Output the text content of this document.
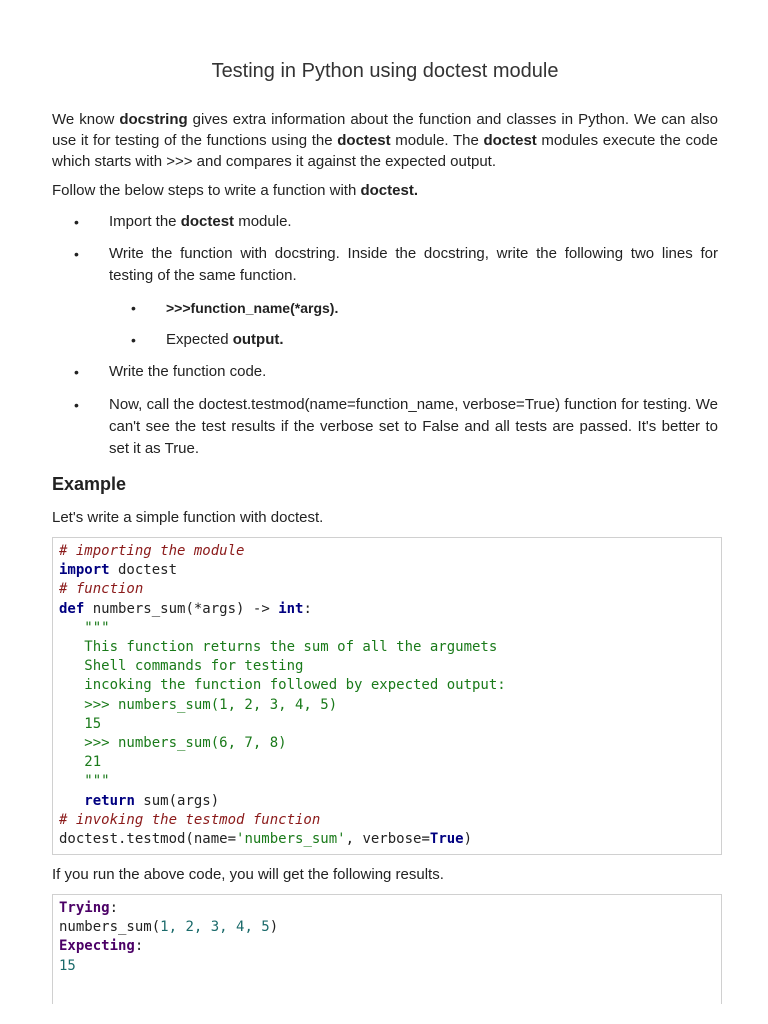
Testing in Python using doctest module

We know docstring gives extra information about the function and classes in Python. We can also use it for testing of the functions using the doctest module. The doctest modules execute the code which starts with >>> and compares it against the expected output.

Follow the below steps to write a function with doctest.

• Import the doctest module.
• Write the function with docstring. Inside the docstring, write the following two lines for testing of the same function.
• >>>function_name(*args).
• Expected output.
• Write the function code.
• Now, call the doctest.testmod(name=function_name, verbose=True) function for testing. We can't see the test results if the verbose set to False and all tests are passed. It's better to set it as True.
Example

Let's write a simple function with doctest.

# importing the module
import doctest
# function
def numbers_sum(*args) -> int:
"""
This function returns the sum of all the argumets
Shell commands for testing
incoking the function followed by expected output:
>>> numbers_sum(1, 2, 3, 4, 5)
15
>>> numbers_sum(6, 7, 8)
21
"""
return sum(args)
# invoking the testmod function
doctest.testmod(name='numbers_sum', verbose=True)

If you run the above code, you will get the following results.

Trying:
numbers_sum(1, 2, 3, 4, 5)
Expecting:
15
